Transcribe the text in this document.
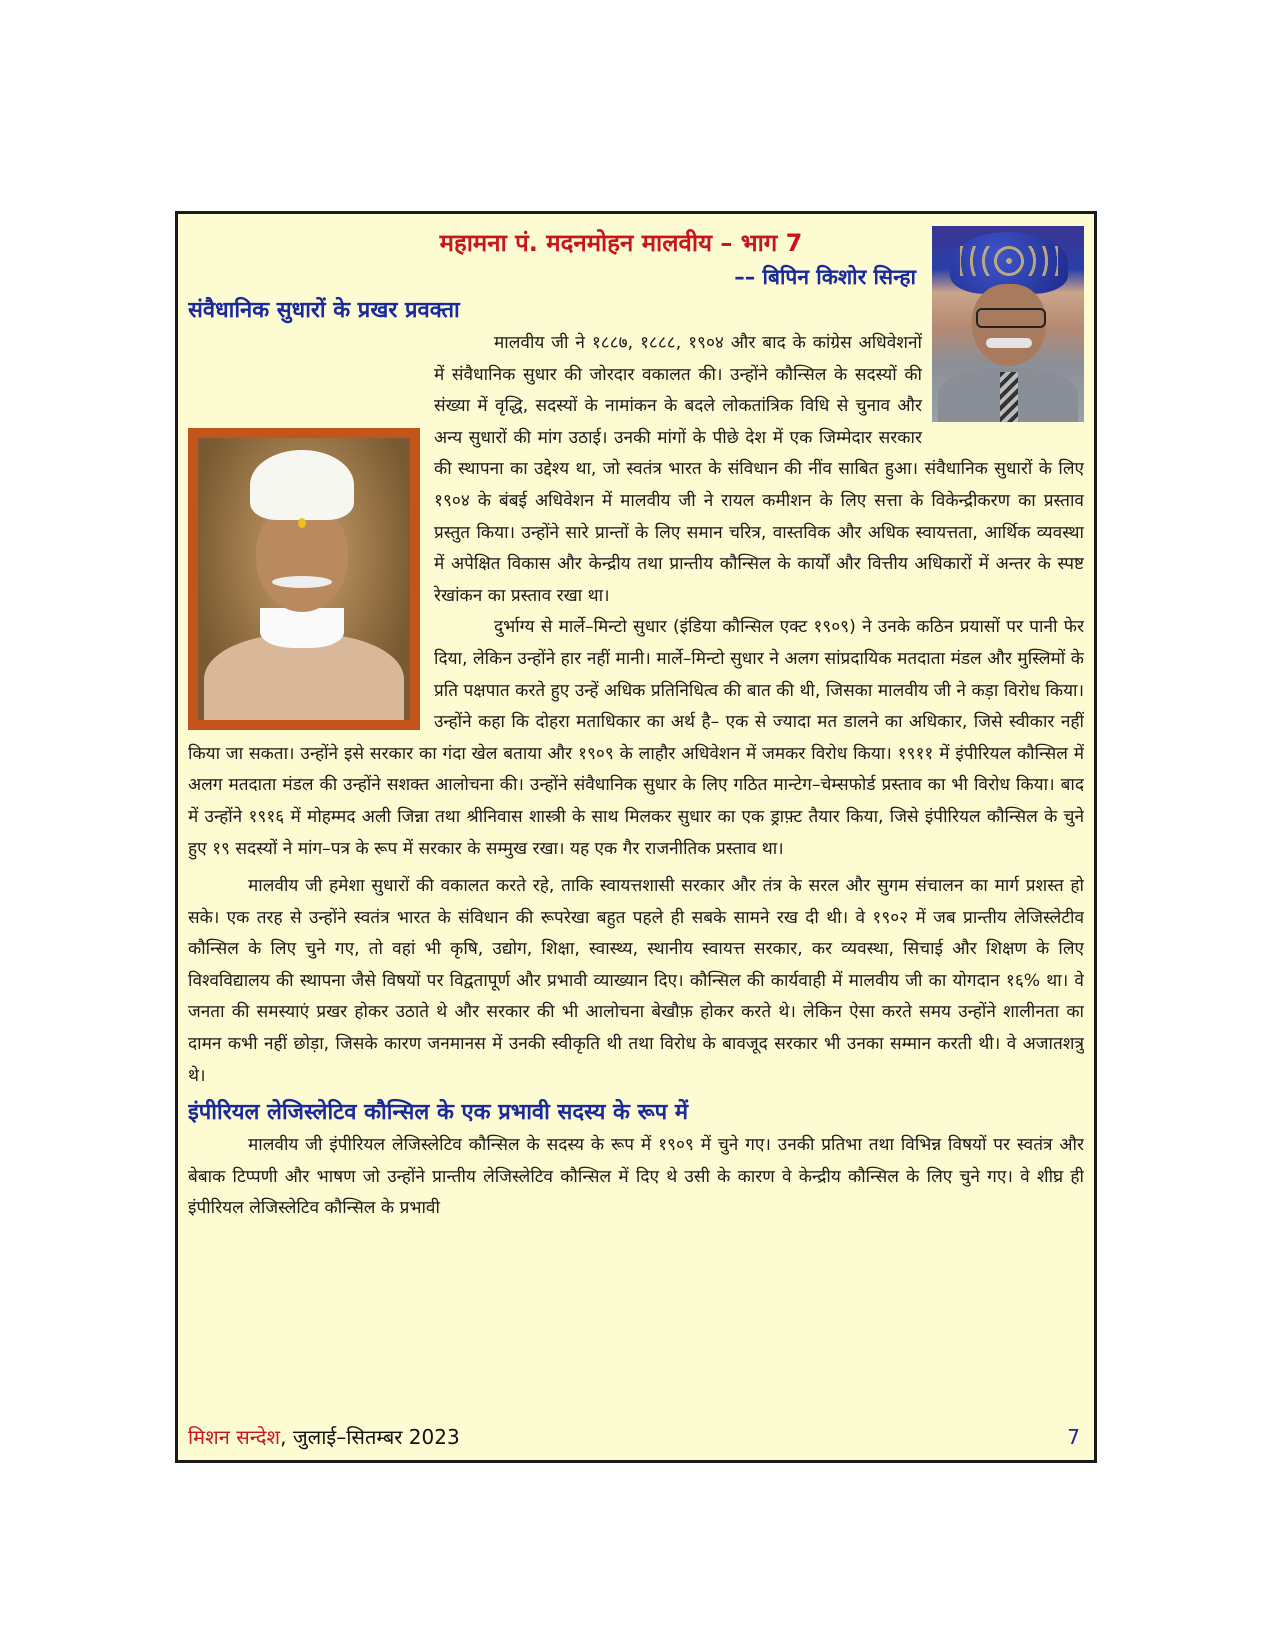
महामना पं. मदनमोहन मालवीय – भाग 7
–– बिपिन किशोर सिन्हा
संवैधानिक सुधारों के प्रखर प्रवक्ता

मालवीय जी ने १८८७, १८८८, १९०४ और बाद के कांग्रेस अधिवेशनों में संवैधानिक सुधार की जोरदार वकालत की। उन्होंने कौन्सिल के सदस्यों की संख्या में वृद्धि, सदस्यों के नामांकन के बदले लोकतांत्रिक विधि से चुनाव और अन्य सुधारों की मांग उठाई। उनकी मांगों के पीछे देश में एक जिम्मेदार सरकार की स्थापना का उद्देश्य था, जो स्वतंत्र भारत के संविधान की नींव साबित हुआ। संवैधानिक सुधारों के लिए १९०४ के बंबई अधिवेशन में मालवीय जी ने रायल कमीशन के लिए सत्ता के विकेन्द्रीकरण का प्रस्ताव प्रस्तुत किया। उन्होंने सारे प्रान्तों के लिए समान चरित्र, वास्तविक और अधिक स्वायत्तता, आर्थिक व्यवस्था में अपेक्षित विकास और केन्द्रीय तथा प्रान्तीय कौन्सिल के कार्यों और वित्तीय अधिकारों में अन्तर के स्पष्ट रेखांकन का प्रस्ताव रखा था।

दुर्भाग्य से मार्ले–मिन्टो सुधार (इंडिया कौन्सिल एक्ट १९०९) ने उनके कठिन प्रयासों पर पानी फेर दिया, लेकिन उन्होंने हार नहीं मानी। मार्ले–मिन्टो सुधार ने अलग सांप्रदायिक मतदाता मंडल और मुस्लिमों के प्रति पक्षपात करते हुए उन्हें अधिक प्रतिनिधित्व की बात की थी, जिसका मालवीय जी ने कड़ा विरोध किया। उन्होंने कहा कि दोहरा मताधिकार का अर्थ है– एक से ज्यादा मत डालने का अधिकार, जिसे स्वीकार नहीं किया जा सकता। उन्होंने इसे सरकार का गंदा खेल बताया और १९०९ के लाहौर अधिवेशन में जमकर विरोध किया। १९११ में इंपीरियल कौन्सिल में अलग मतदाता मंडल की उन्होंने सशक्त आलोचना की। उन्होंने संवैधानिक सुधार के लिए गठित मान्टेग–चेम्सफोर्ड प्रस्ताव का भी विरोध किया। बाद में उन्होंने १९१६ में मोहम्मद अली जिन्ना तथा श्रीनिवास शास्त्री के साथ मिलकर सुधार का एक ड्राफ़्ट तैयार किया, जिसे इंपीरियल कौन्सिल के चुने हुए १९ सदस्यों ने मांग–पत्र के रूप में सरकार के सम्मुख रखा। यह एक गैर राजनीतिक प्रस्ताव था।

मालवीय जी हमेशा सुधारों की वकालत करते रहे, ताकि स्वायत्तशासी सरकार और तंत्र के सरल और सुगम संचालन का मार्ग प्रशस्त हो सके। एक तरह से उन्होंने स्वतंत्र भारत के संविधान की रूपरेखा बहुत पहले ही सबके सामने रख दी थी। वे १९०२ में जब प्रान्तीय लेजिस्लेटीव कौन्सिल के लिए चुने गए, तो वहां भी कृषि, उद्योग, शिक्षा, स्वास्थ्य, स्थानीय स्वायत्त सरकार, कर व्यवस्था, सिचाई और शिक्षण के लिए विश्वविद्यालय की स्थापना जैसे विषयों पर विद्वतापूर्ण और प्रभावी व्याख्यान दिए। कौन्सिल की कार्यवाही में मालवीय जी का योगदान १६% था। वे जनता की समस्याएं प्रखर होकर उठाते थे और सरकार की भी आलोचना बेखौफ़ होकर करते थे। लेकिन ऐसा करते समय उन्होंने शालीनता का दामन कभी नहीं छोड़ा, जिसके कारण जनमानस में उनकी स्वीकृति थी तथा विरोध के बावजूद सरकार भी उनका सम्मान करती थी। वे अजातशत्रु थे।

इंपीरियल लेजिस्लेटिव कौन्सिल के एक प्रभावी सदस्य के रूप में

मालवीय जी इंपीरियल लेजिस्लेटिव कौन्सिल के सदस्य के रूप में १९०९ में चुने गए। उनकी प्रतिभा तथा विभिन्न विषयों पर स्वतंत्र और बेबाक टिप्पणी और भाषण जो उन्होंने प्रान्तीय लेजिस्लेटिव कौन्सिल में दिए थे उसी के कारण वे केन्द्रीय कौन्सिल के लिए चुने गए। वे शीघ्र ही इंपीरियल लेजिस्लेटिव कौन्सिल के प्रभावी

मिशन सन्देश, जुलाई–सितम्बर 2023	7
